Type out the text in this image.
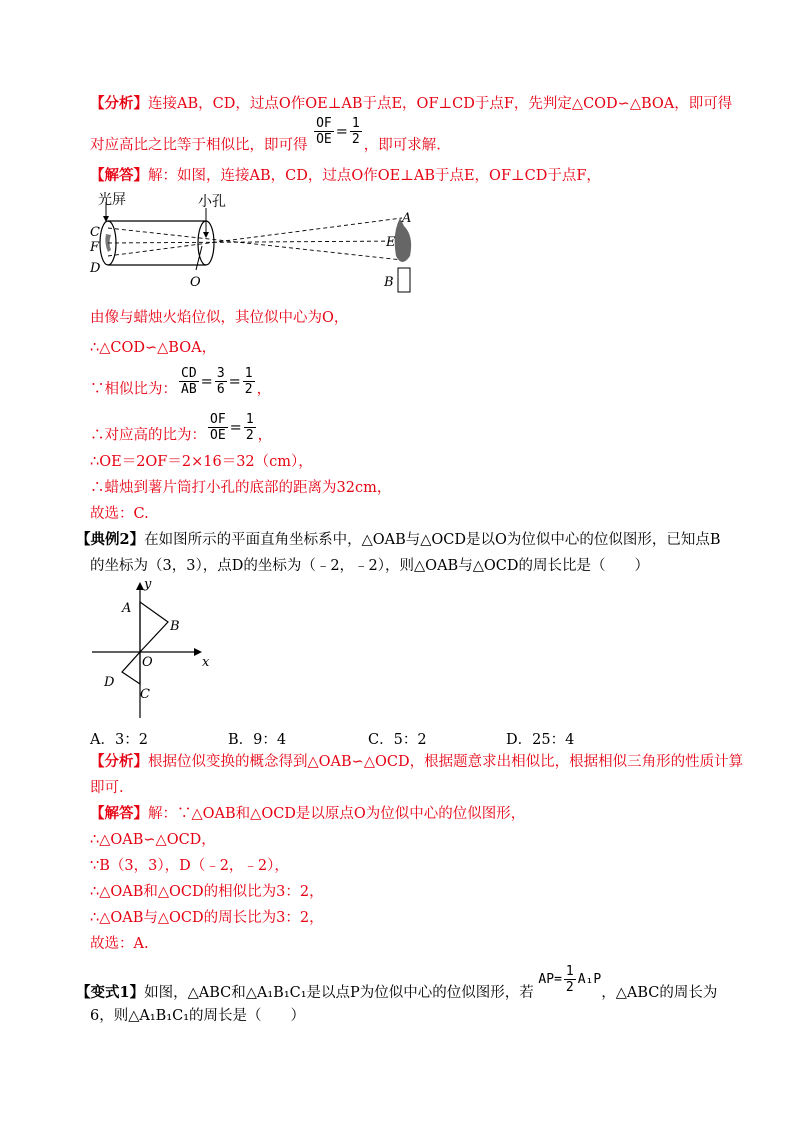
【分析】连接AB，CD，过点O作OE⊥AB于点E，OF⊥CD于点F，先判定△COD∽△BOA，即可得
对应高比之比等于相似比，即可得 $\frac{OF}{OE} = \frac{1}{2}$ ，即可求解.
【解答】解：如图，连接AB，CD，过点O作OE⊥AB于点E，OF⊥CD于点F，
光屏	小孔
C
F
D
O
A
E
B
由像与蜡烛火焰位似，其位似中心为O，
∴△COD∽△BOA，
∵相似比为： $\frac{CD}{AB} = \frac{3}{6} = \frac{1}{2}$ ，
∴对应高的比为： $\frac{OF}{OE} = \frac{1}{2}$ ，
∴OE＝2OF＝2×16＝32（cm），
∴蜡烛到薯片筒打小孔的底部的距离为32cm，
故选：C.
【典例2】在如图所示的平面直角坐标系中，△OAB与△OCD是以O为位似中心的位似图形，已知点B
的坐标为（3，3），点D的坐标为（﹣2，﹣2），则△OAB与△OCD的周长比是（　　）
x
y
A
B
O
D
C
A．3：2	B．9：4	C．5：2	D．25：4
【分析】根据位似变换的概念得到△OAB∽△OCD，根据题意求出相似比，根据相似三角形的性质计算
即可.
【解答】解：∵△OAB和△OCD是以原点O为位似中心的位似图形，
∴△OAB∽△OCD，
∵B（3，3），D（﹣2，﹣2），
∴△OAB和△OCD的相似比为3：2，
∴△OAB与△OCD的周长比为3：2，
故选：A.
【变式1】如图，△ABC和△A₁B₁C₁是以点P为位似中心的位似图形，若 $AP= \frac{1}{2} A_1P$，△ABC的周长为
6，则△A₁B₁C₁的周长是（　　）
